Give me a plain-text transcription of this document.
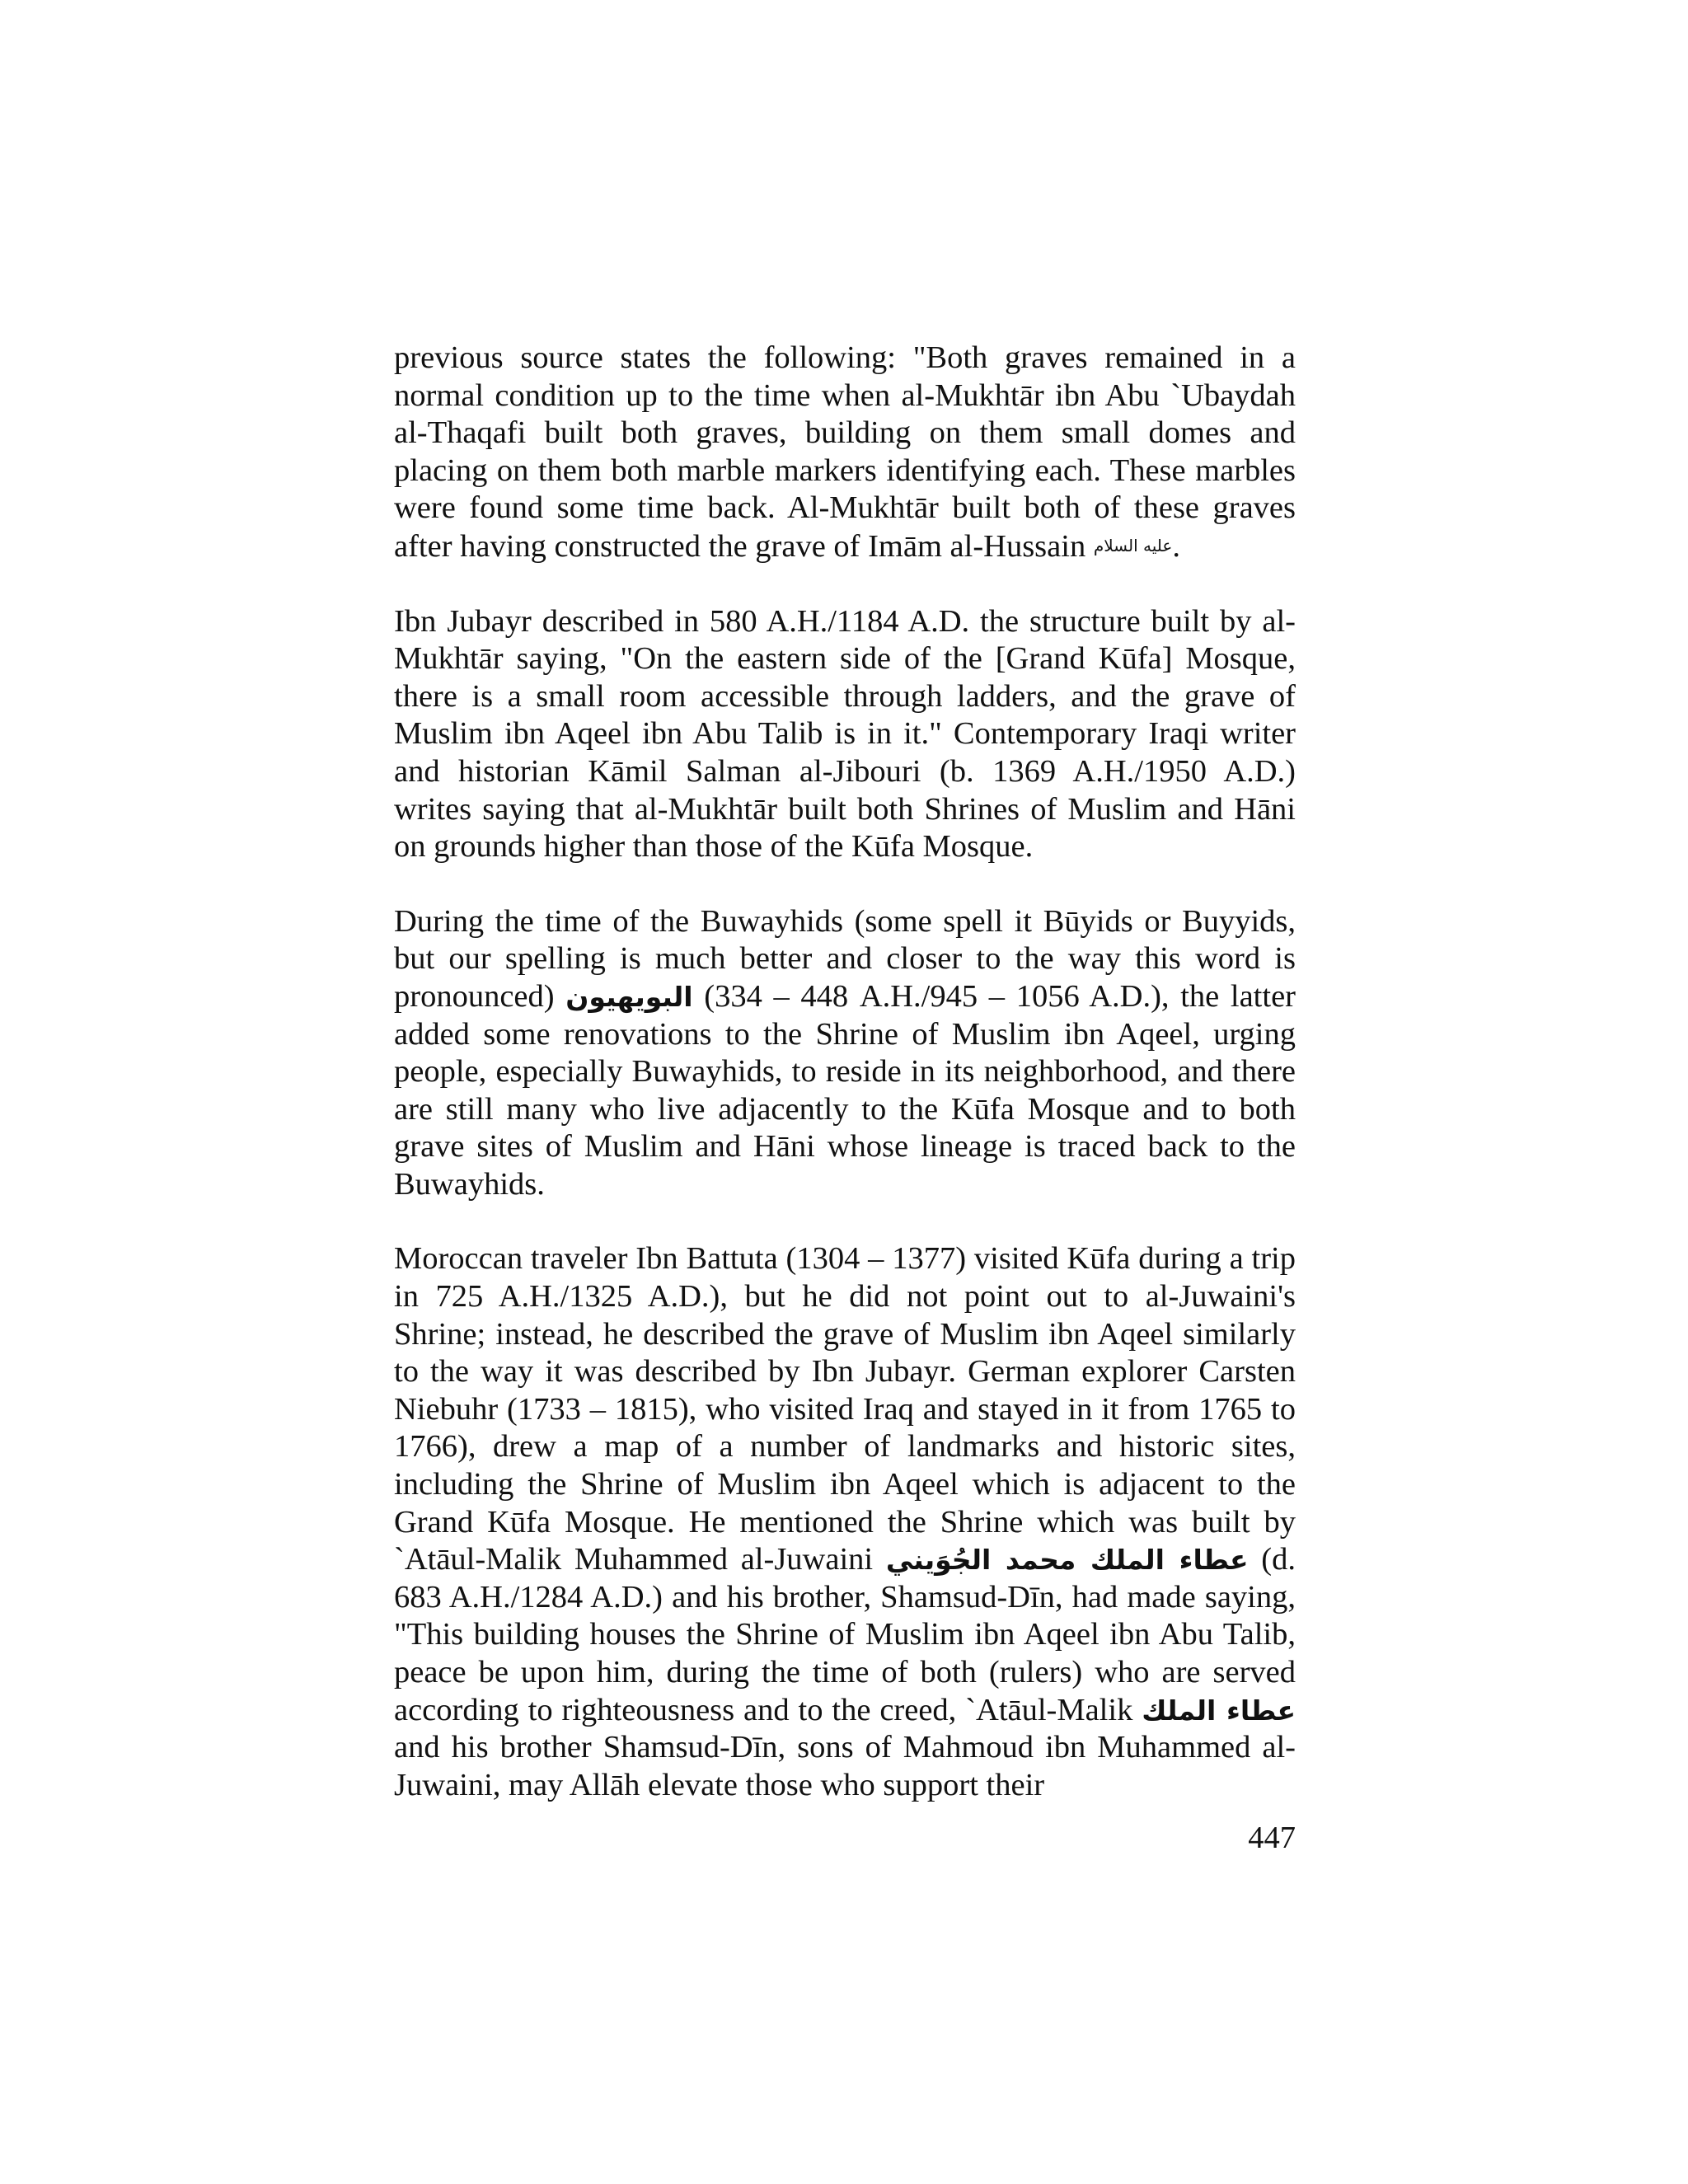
previous source states the following: "Both graves remained in a normal condition up to the time when al-Mukhtār ibn Abu `Ubaydah al-Thaqafi built both graves, building on them small domes and placing on them both marble markers identifying each. These marbles were found some time back. Al-Mukhtār built both of these graves after having constructed the grave of Imām al-Hussain عليه السلام.

Ibn Jubayr described in 580 A.H./1184 A.D. the structure built by al-Mukhtār saying, "On the eastern side of the [Grand Kūfa] Mosque, there is a small room accessible through ladders, and the grave of Muslim ibn Aqeel ibn Abu Talib is in it." Contemporary Iraqi writer and historian Kāmil Salman al-Jibouri (b. 1369 A.H./1950 A.D.) writes saying that al-Mukhtār built both Shrines of Muslim and Hāni on grounds higher than those of the Kūfa Mosque.

During the time of the Buwayhids (some spell it Būyids or Buyyids, but our spelling is much better and closer to the way this word is pronounced) البويهيون (334 – 448 A.H./945 – 1056 A.D.), the latter added some renovations to the Shrine of Muslim ibn Aqeel, urging people, especially Buwayhids, to reside in its neighborhood, and there are still many who live adjacently to the Kūfa Mosque and to both grave sites of Muslim and Hāni whose lineage is traced back to the Buwayhids.

Moroccan traveler Ibn Battuta (1304 – 1377) visited Kūfa during a trip in 725 A.H./1325 A.D.), but he did not point out to al-Juwaini's Shrine; instead, he described the grave of Muslim ibn Aqeel similarly to the way it was described by Ibn Jubayr. German explorer Carsten Niebuhr (1733 – 1815), who visited Iraq and stayed in it from 1765 to 1766), drew a map of a number of landmarks and historic sites, including the Shrine of Muslim ibn Aqeel which is adjacent to the Grand Kūfa Mosque. He mentioned the Shrine which was built by `Atāul-Malik Muhammed al-Juwaini عطاء الملك محمد الجُوَيني (d. 683 A.H./1284 A.D.) and his brother, Shamsud-Dīn, had made saying, "This building houses the Shrine of Muslim ibn Aqeel ibn Abu Talib, peace be upon him, during the time of both (rulers) who are served according to righteousness and to the creed, `Atāul-Malik عطاء الملك and his brother Shamsud-Dīn, sons of Mahmoud ibn Muhammed al-Juwaini, may Allāh elevate those who support their

447
